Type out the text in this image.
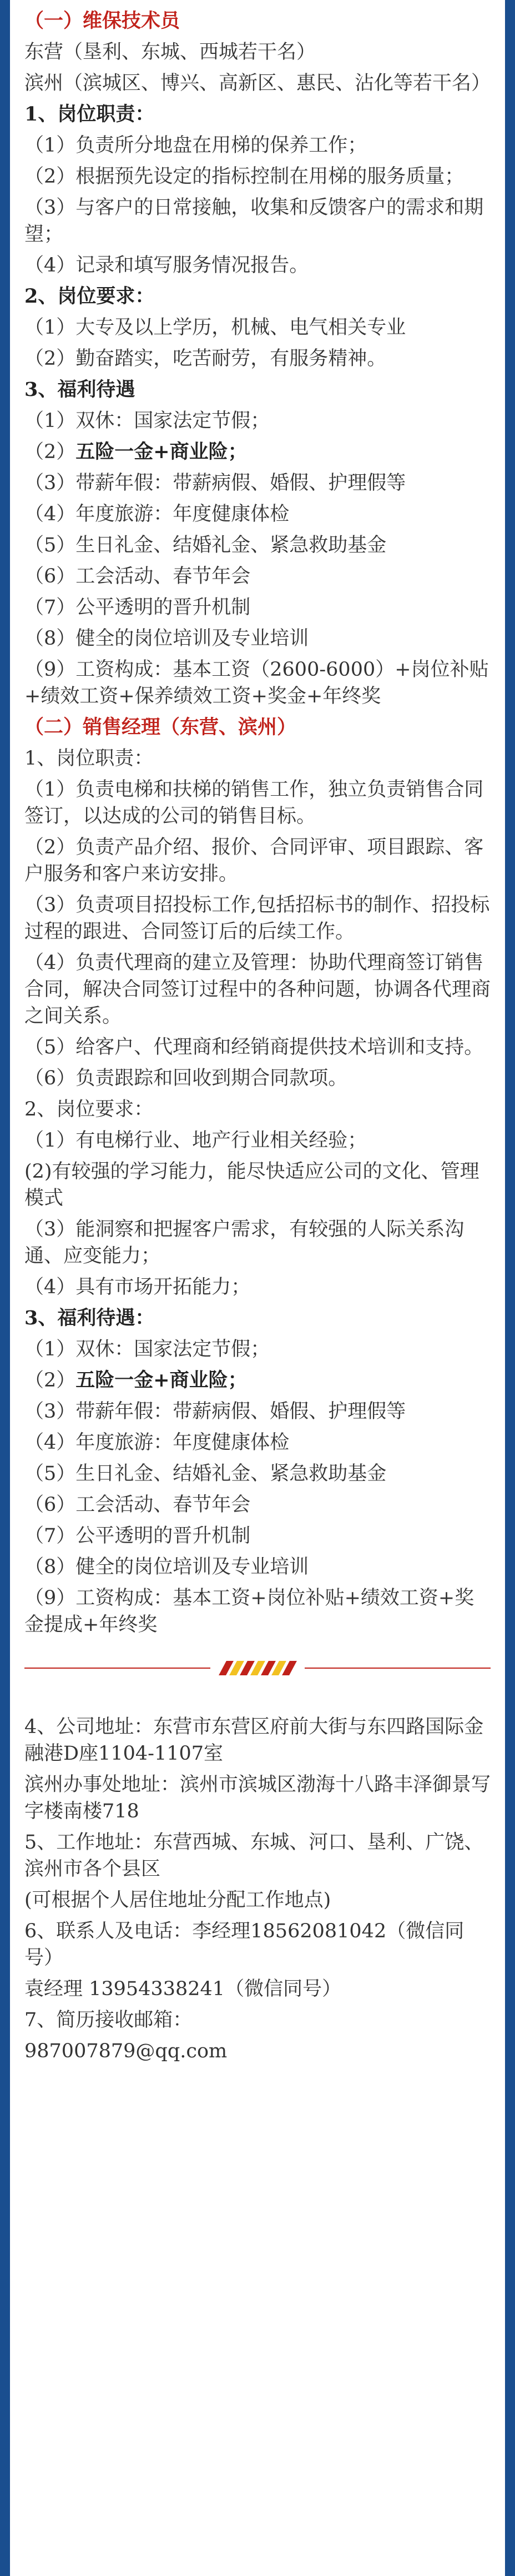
（一）维保技术员
东营（垦利、东城、西城若干名）
滨州（滨城区、博兴、高新区、惠民、沾化等若干名）
1、岗位职责：
（1）负责所分地盘在用梯的保养工作；
（2）根据预先设定的指标控制在用梯的服务质量；
（3）与客户的日常接触，收集和反馈客户的需求和期望；
（4）记录和填写服务情况报告。
2、岗位要求：
（1）大专及以上学历，机械、电气相关专业
（2）勤奋踏实，吃苦耐劳，有服务精神。
3、福利待遇
（1）双休：国家法定节假；
（2）五险一金+商业险；
（3）带薪年假：带薪病假、婚假、护理假等
（4）年度旅游：年度健康体检
（5）生日礼金、结婚礼金、紧急救助基金
（6）工会活动、春节年会
（7）公平透明的晋升机制
（8）健全的岗位培训及专业培训
（9）工资构成：基本工资（2600-6000）+岗位补贴+绩效工资+保养绩效工资+奖金+年终奖
（二）销售经理（东营、滨州）
1、岗位职责：
（1）负责电梯和扶梯的销售工作，独立负责销售合同签订，以达成的公司的销售目标。
（2）负责产品介绍、报价、合同评审、项目跟踪、客户服务和客户来访安排。
（3）负责项目招投标工作,包括招标书的制作、招投标过程的跟进、合同签订后的后续工作。
（4）负责代理商的建立及管理：协助代理商签订销售合同，解决合同签订过程中的各种问题，协调各代理商之间关系。
（5）给客户、代理商和经销商提供技术培训和支持。
（6）负责跟踪和回收到期合同款项。
2、岗位要求：
（1）有电梯行业、地产行业相关经验；
(2)有较强的学习能力，能尽快适应公司的文化、管理模式
（3）能洞察和把握客户需求，有较强的人际关系沟通、应变能力；
（4）具有市场开拓能力；
3、福利待遇：
（1）双休：国家法定节假；
（2）五险一金+商业险；
（3）带薪年假：带薪病假、婚假、护理假等
（4）年度旅游：年度健康体检
（5）生日礼金、结婚礼金、紧急救助基金
（6）工会活动、春节年会
（7）公平透明的晋升机制
（8）健全的岗位培训及专业培训
（9）工资构成：基本工资+岗位补贴+绩效工资+奖金提成+年终奖
4、公司地址：东营市东营区府前大街与东四路国际金融港D座1104-1107室
滨州办事处地址：滨州市滨城区渤海十八路丰泽御景写字楼南楼718
5、工作地址：东营西城、东城、河口、垦利、广饶、滨州市各个县区
(可根据个人居住地址分配工作地点)
6、联系人及电话：李经理18562081042（微信同号）
袁经理 13954338241（微信同号）
7、简历接收邮箱：
987007879@qq.com
